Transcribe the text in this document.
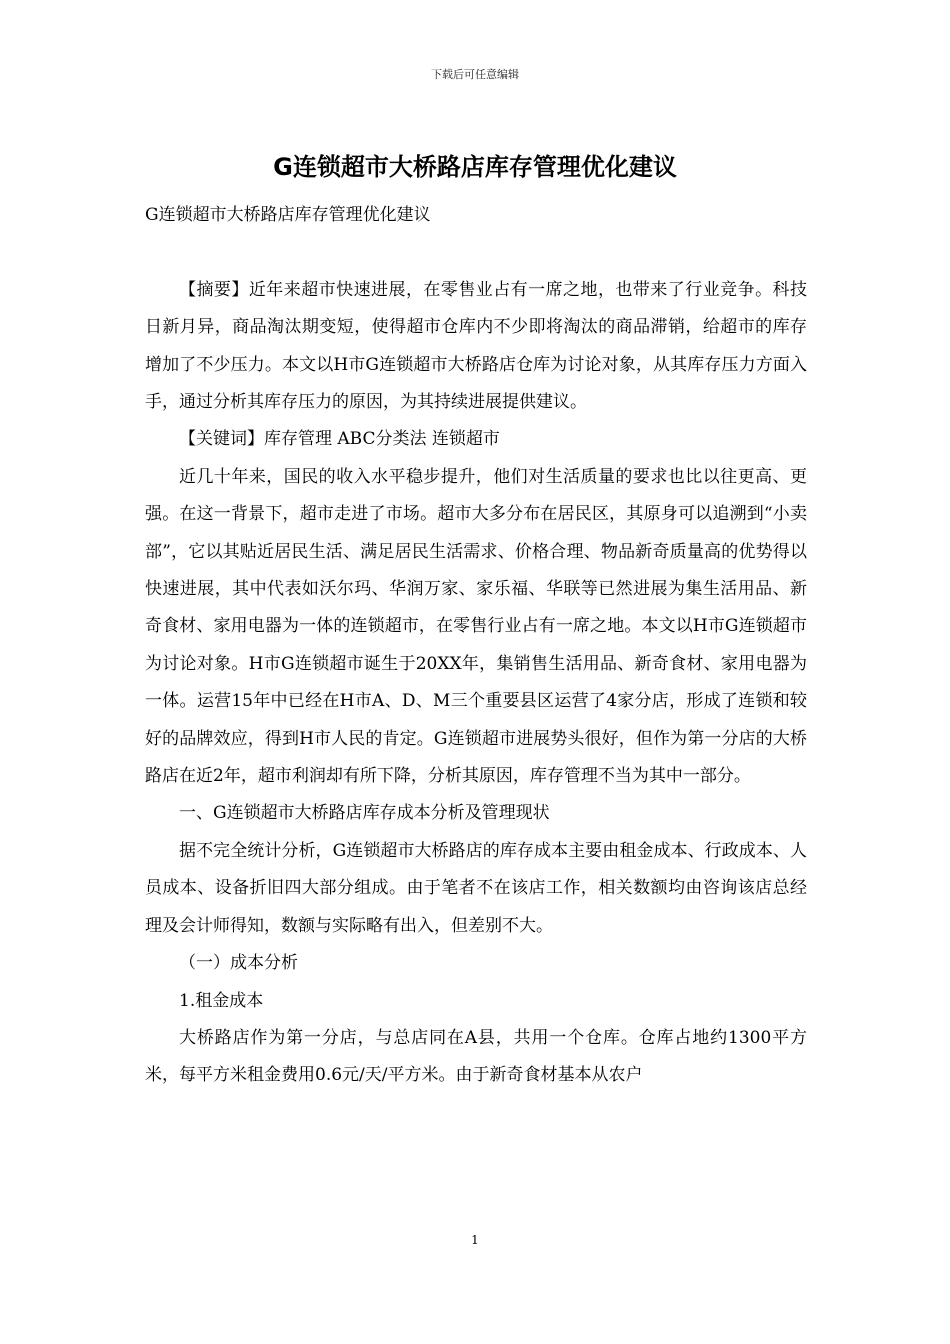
下载后可任意编辑
G连锁超市大桥路店库存管理优化建议

G连锁超市大桥路店库存管理优化建议

【摘要】近年来超市快速进展，在零售业占有一席之地，也带来了行业竞争。科技日新月异，商品淘汰期变短，使得超市仓库内不少即将淘汰的商品滞销，给超市的库存增加了不少压力。本文以H市G连锁超市大桥路店仓库为讨论对象，从其库存压力方面入手，通过分析其库存压力的原因，为其持续进展提供建议。

【关键词】库存管理 ABC分类法 连锁超市

近几十年来，国民的收入水平稳步提升，他们对生活质量的要求也比以往更高、更强。在这一背景下，超市走进了市场。超市大多分布在居民区，其原身可以追溯到“小卖部”，它以其贴近居民生活、满足居民生活需求、价格合理、物品新奇质量高的优势得以快速进展，其中代表如沃尔玛、华润万家、家乐福、华联等已然进展为集生活用品、新奇食材、家用电器为一体的连锁超市，在零售行业占有一席之地。本文以H市G连锁超市为讨论对象。H市G连锁超市诞生于20XX年，集销售生活用品、新奇食材、家用电器为一体。运营15年中已经在H市A、D、M三个重要县区运营了4家分店，形成了连锁和较好的品牌效应，得到H市人民的肯定。G连锁超市进展势头很好，但作为第一分店的大桥路店在近2年，超市利润却有所下降，分析其原因，库存管理不当为其中一部分。

一、G连锁超市大桥路店库存成本分析及管理现状

据不完全统计分析，G连锁超市大桥路店的库存成本主要由租金成本、行政成本、人员成本、设备折旧四大部分组成。由于笔者不在该店工作，相关数额均由咨询该店总经理及会计师得知，数额与实际略有出入，但差别不大。

（一）成本分析

1.租金成本

大桥路店作为第一分店，与总店同在A县，共用一个仓库。仓库占地约1300平方米，每平方米租金费用0.6元/天/平方米。由于新奇食材基本从农户

1
